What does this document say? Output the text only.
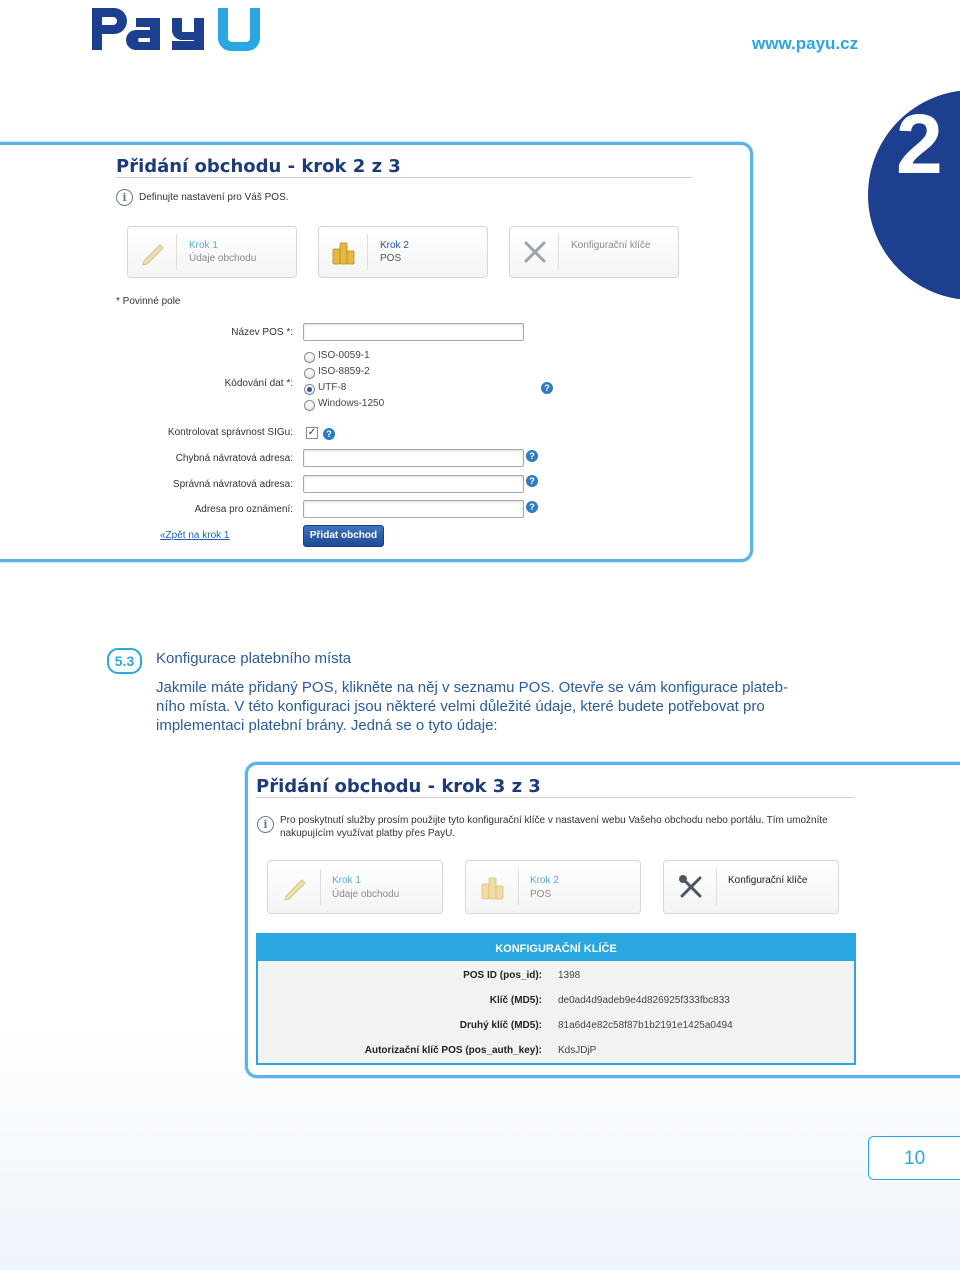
www.payu.cz
2
Přidání obchodu - krok 2 z 3
i	Definujte nastavení pro Váš POS.
Krok 1
Údaje obchodu
Krok 2
POS
Konfigurační klíče
* Povinné pole
Název POS *:
Kódování dat *:
ISO-0059-1
ISO-8859-2
UTF-8
Windows-1250
?
Kontrolovat správnost SIGu: ✓	?
Chybná návratová adresa:	?
Správná návratová adresa:	?
Adresa pro oznámení:	?
«Zpět na krok 1	Přidat obchod
5.3	Konfigurace platebního místa
Jakmile máte přidaný POS, klikněte na něj v seznamu POS. Otevře se vám konfigurace plateb-
ního místa. V této konfiguraci jsou některé velmi důležité údaje, které budete potřebovat pro
implementaci platební brány. Jedná se o tyto údaje:
Přidání obchodu - krok 3 z 3
i	Pro poskytnutí služby prosím použijte tyto konfigurační klíče v nastavení webu Vašeho obchodu nebo portálu. Tím umožníte
nakupujícím využívat platby přes PayU.
Krok 1
Údaje obchodu
Krok 2
POS
Konfigurační klíče
KONFIGURAČNÍ KLÍČE
POS ID (pos_id): 1398
Klíč (MD5): de0ad4d9adeb9e4d826925f333fbc833
Druhý klíč (MD5): 81a6d4e82c58f87b1b2191e1425a0494
Autorizační klíč POS (pos_auth_key): KdsJDjP
10
